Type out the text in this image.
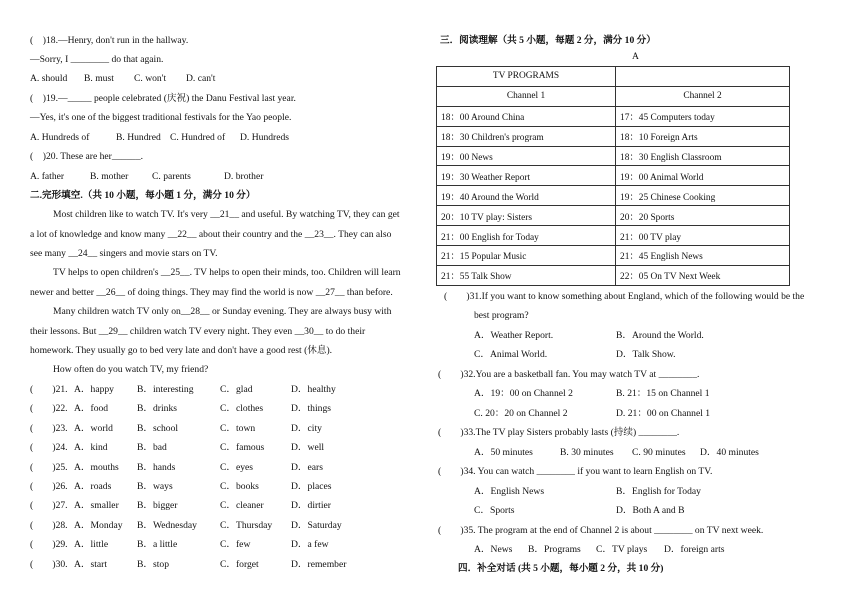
(　)18.—Henry, don't run in the hallway.
—Sorry, I ________ do that again.
A. should B. must C. won't D. can't
(　)19.—_____ people celebrated (庆祝) the Danu Festival last year.
—Yes, it's one of the biggest traditional festivals for the Yao people.
A. Hundreds of	B. Hundred C. Hundred of D. Hundreds
(　)20. These are her______.
A. father	B. mother C. parents	D. brother
二.完形填空.（共 10 小题，每小题 1 分，满分 10 分）
Most children like to watch TV. It's very __21__ and useful. By watching TV, they can get
a lot of knowledge and know many __22__ about their country and the __23__. They can also
see many __24__ singers and movie stars on TV.
TV helps to open children's __25__. TV helps to open their minds, too. Children will learn
newer and better __26__ of doing things. They may find the world is now __27__ than before.
Many children watch TV only on__28__ or Sunday evening. They are always busy with
their lessons. But __29__ children watch TV every night. They even __30__ to do their
homework. They usually go to bed very late and don't have a good rest (休息).
How often do you watch TV, my friend?
(　　)21. A．happy B．interesting	C．glad	D．healthy
(　　)22. A．food	B．drinks	C．clothes	D．things
(　　)23. A．world	B．school	C．town	D．city
(　　)24. A．kind	B．bad	C．famous	D．well
(　　)25. A．mouths B．hands	C．eyes	D．ears
(　　)26. A．roads	B．ways	C．books	D．places
(　　)27. A．smaller B．bigger	C．cleaner	D．dirtier
(　　)28. A．Monday B．Wednesday C．Thursday D．Saturday
(　　)29. A．little	B．a little	C．few	D．a few
(　　)30. A．start	B．stop	C．forget	D．remember
三．阅读理解（共 5 小题，每题 2 分，满分 10 分）
A
TV PROGRAMS	
Channel 1	Channel 2
18：00 Around China	17：45 Computers today
18：30 Children's program	18：10 Foreign Arts
19：00 News	18：30 English Classroom
19：30 Weather Report	19：00 Animal World
19：40 Around the World	19：25 Chinese Cooking
20：10 TV play: Sisters	20：20 Sports
21：00 English for Today	21：00 TV play
21：15 Popular Music	21：45 English News
21：55 Talk Show	22：05 On TV Next Week
(　　)31.If you want to know something about England, which of the following would be the
best program?
A．Weather Report.	B．Around the World.
C．Animal World.	D．Talk Show.
(　　)32.You are a basketball fan. You may watch TV at ________.
A．19：00 on Channel 2	B. 21：15 on Channel 1
C. 20：20 on Channel 2	D. 21：00 on Channel 1
(　　)33.The TV play Sisters probably lasts (持续) ________.
A．50 minutes	B. 30 minutes C. 90 minutes D．40 minutes
(　　)34. You can watch ________ if you want to learn English on TV.
A．English News	B．English for Today
C．Sports	D．Both A and B
(　　)35. The program at the end of Channel 2 is about ________ on TV next week.
A．News B．Programs C．TV plays D．foreign arts
四．补全对话 (共 5 小题，每小题 2 分，共 10 分)
